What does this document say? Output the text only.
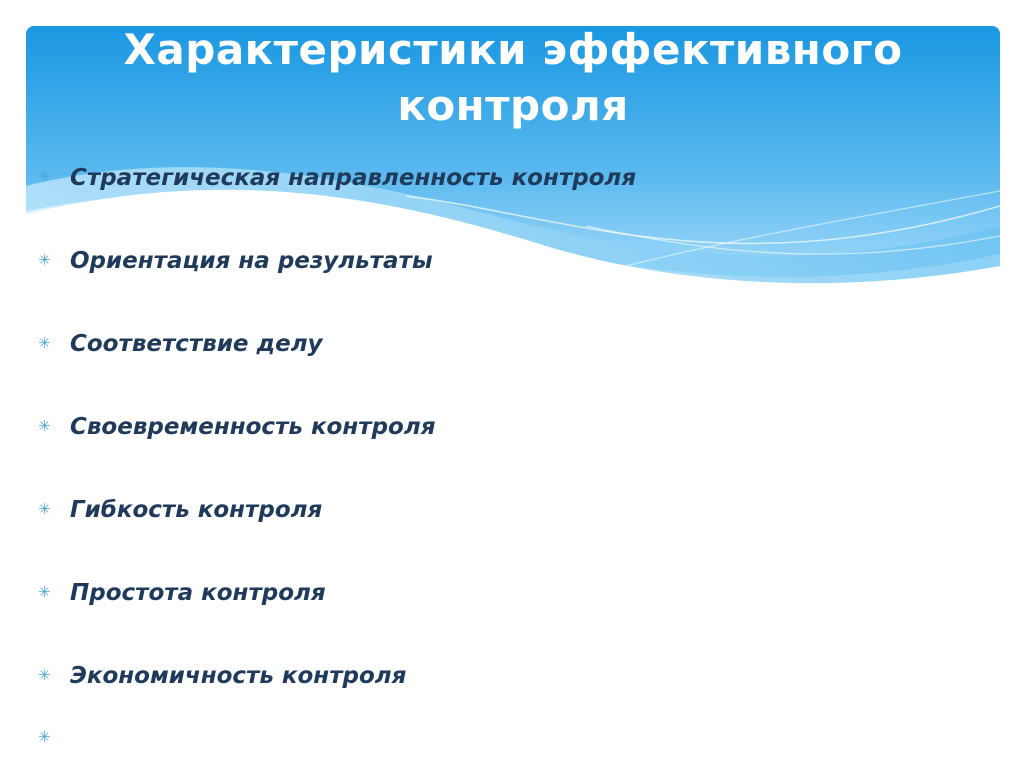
Характеристики эффективного контроля
✳ Стратегическая направленность контроля
✳ Ориентация на результаты
✳ Соответствие делу
✳ Своевременность контроля
✳ Гибкость контроля
✳ Простота контроля
✳ Экономичность контроля
✳
